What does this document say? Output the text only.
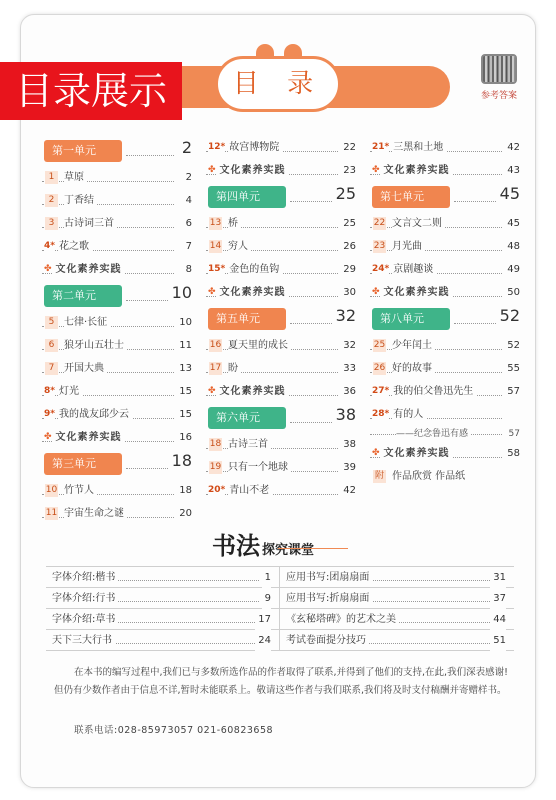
目录展示	目 录	参考答案
第一单元	2
1 草原	2
2 丁香结	4
3 古诗词三首	6
4* 花之歌	7
✤ 文化素养实践	8
第二单元	10
5 七律·长征	10
6 狼牙山五壮士	11
7 开国大典	13
8* 灯光	15
9* 我的战友邱少云	15
✤ 文化素养实践	16
第三单元	18
10 竹节人	18
11 宇宙生命之谜	20
12* 故宫博物院	22
✤ 文化素养实践	23
第四单元	25
13 桥	25
14 穷人	26
15* 金色的鱼钩	29
✤ 文化素养实践	30
第五单元	32
16 夏天里的成长	32
17 盼	33
✤ 文化素养实践	36
第六单元	38
18 古诗三首	38
19 只有一个地球	39
20* 青山不老	42
21* 三黑和土地	42
✤ 文化素养实践	43
第七单元	45
22 文言文二则	45
23 月光曲	48
24* 京剧趣谈	49
✤ 文化素养实践	50
第八单元	52
25 少年闰土	52
26 好的故事	55
27* 我的伯父鲁迅先生	57
28* 有的人
——纪念鲁迅有感	57
✤ 文化素养实践	58
附 作品欣赏 作品纸
书法 探究课堂
字体介绍:楷书	1	应用书写:团扇扇面	31
字体介绍:行书	9	应用书写:折扇扇面	37
字体介绍:草书	17	《玄秘塔碑》的艺术之美	44
天下三大行书	24	考试卷面提分技巧	51
在本书的编写过程中,我们已与多数所选作品的作者取得了联系,并得到了他们的支持,在此,我们深表感谢!但仍有少数作者由于信息不详,暂时未能联系上。敬请这些作者与我们联系,我们将及时支付稿酬并寄赠样书。
联系电话:028-85973057 021-60823658
